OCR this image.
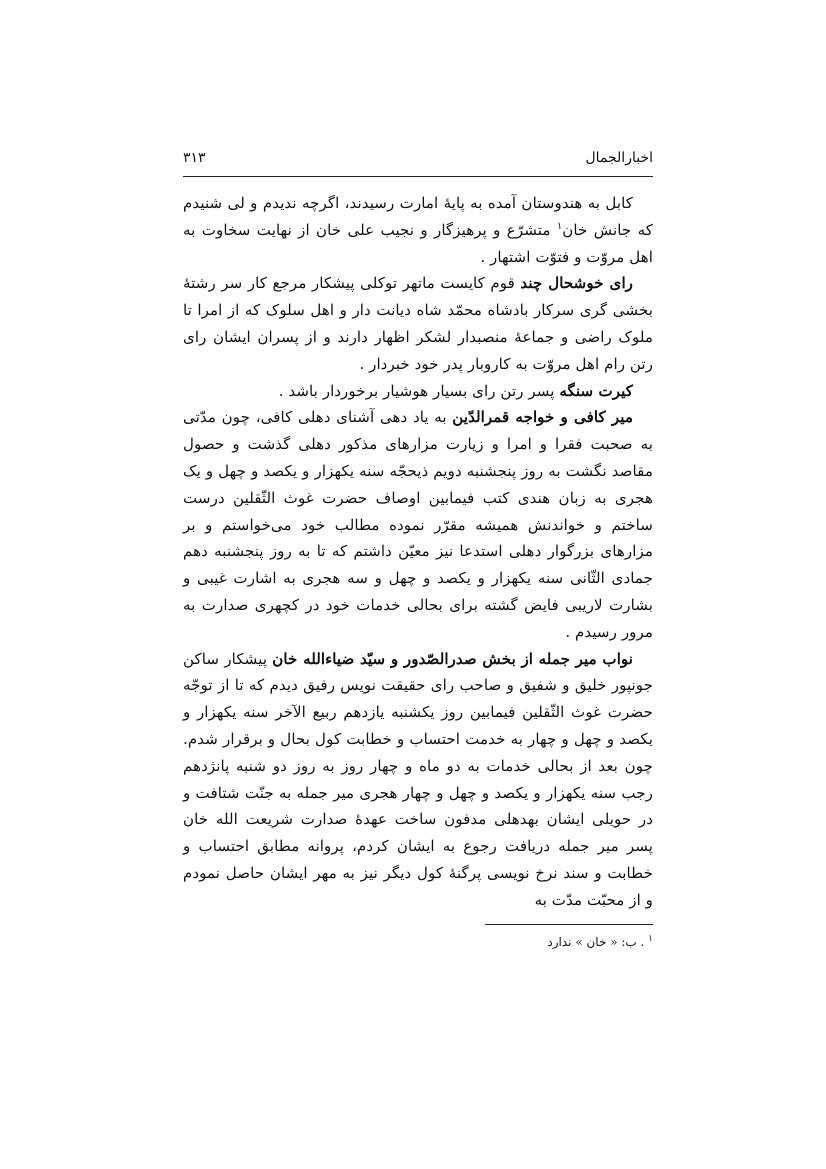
اخبارالجمال
۳۱۳

کابل به هندوستان آمده به پایهٔ امارت رسیدند، اگرچه ندیدم و لی شنیدم که جانش خان$^۱$ متشرّع و پرهیزگار و نجیب علی خان از نهایت سخاوت به اهل مروّت و فتوّت اشتهار .

رای خوشحال چند قوم کایست ماتهر توکلی پیشکار مرجع کار سر رشتهٔ بخشی گری سرکار بادشاه محمّد شاه دیانت دار و اهل سلوک که از امرا تا ملوک راضی و جماعهٔ منصبدار لشکر اظهار دارند و از پسران ایشان رای رتن رام اهل مروّت به کاروبار پدر خود خبردار .

کیرت سنگه پسر رتن رای بسیار هوشیار برخوردار باشد .

میر کافی و خواجه قمرالدّین به یاد دهی آشنای دهلی کافی، چون مدّتی به صحبت فقرا و امرا و زیارت مزارهای مذکور دهلی گذشت و حصول مقاصد نگشت به روز پنجشنبه دویم ذیحجّه سنه یکهزار و یکصد و چهل و یک هجری به زبان هندی کتب فیمابین اوصاف حضرت غوث الثّقلین درست ساختم و خواندنش همیشه مقرّر نموده مطالب خود می‌خواستم و بر مزارهای بزرگوار دهلی استدعا نیز معیّن داشتم که تا به روز پنجشنبه دهم جمادی الثّانی سنه یکهزار و یکصد و چهل و سه هجری به اشارت غیبی و بشارت لاریبی فایض گشته برای بحالی خدمات خود در کچهری صدارت به مرور رسیدم .

نواب میر جمله از بخش صدرالصّدور و سیّد ضیاءالله خان پیشکار ساکن جونپور خلیق و شفیق و صاحب رای حقیقت نویس رفیق دیدم که تا از توجّه حضرت غوث الثّقلین فیمابین روز یکشنبه یازدهم ربیع الآخر سنه یکهزار و یکصد و چهل و چهار به خدمت احتساب و خطابت کول بحال و برقرار شدم. چون بعد از بحالی خدمات به دو ماه و چهار روز به روز دو شنبه پانژدهم رجب سنه یکهزار و یکصد و چهل و چهار هجری میر جمله به جنّت شتافت و در حویلی ایشان بهدهلی مدفون ساخت عهدهٔ صدارت شریعت الله خان پسر میر جمله دریافت رجوع به ایشان کردم، پروانه مطابق احتساب و خطابت و سند نرخ نویسی پرگنهٔ کول دیگر نیز به مهر ایشان حاصل نمودم و از محبّت مدّت به

$^۱$ . ب: « خان » ندارد
